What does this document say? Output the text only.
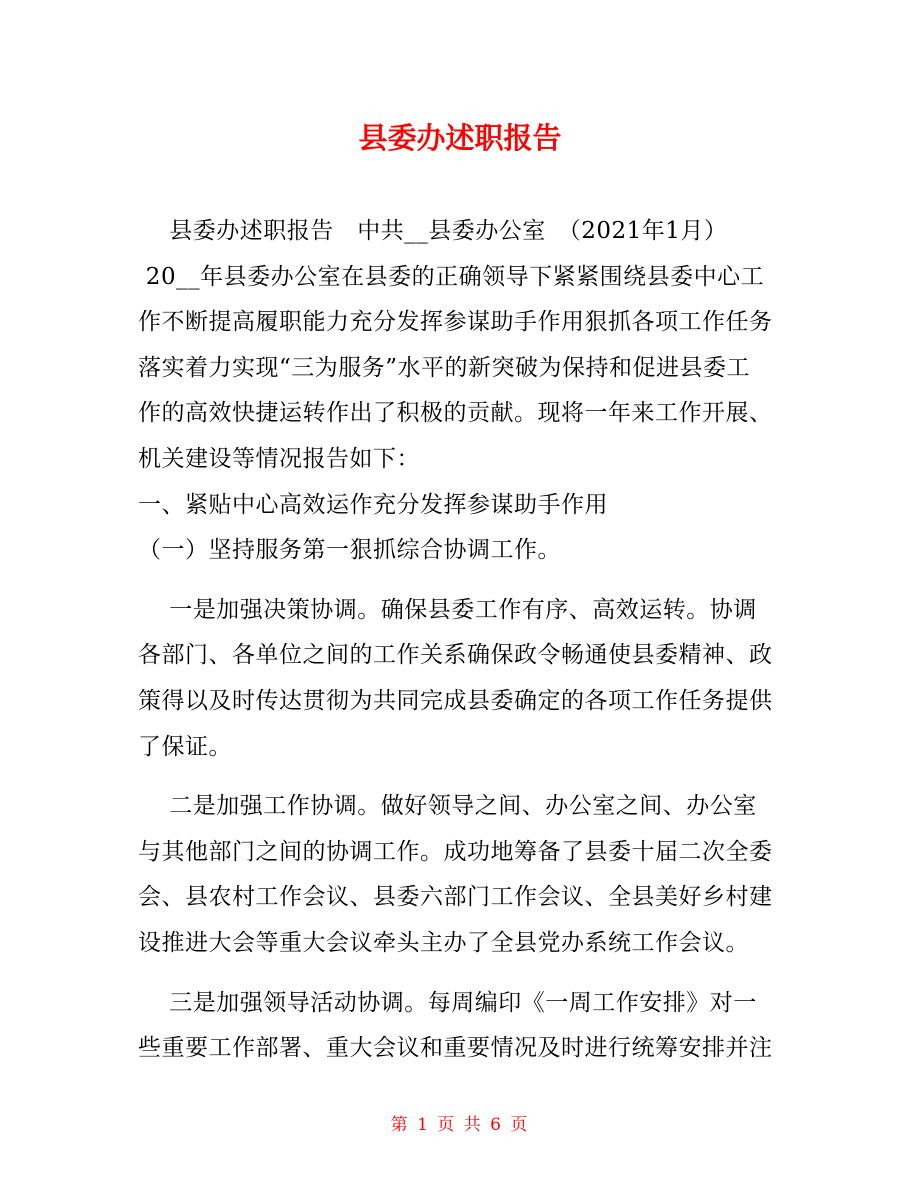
县委办述职报告
县委办述职报告　中共__县委办公室　（2021年1月）
20__年县委办公室在县委的正确领导下紧紧围绕县委中心工
作不断提高履职能力充分发挥参谋助手作用狠抓各项工作任务
落实着力实现“三为服务”水平的新突破为保持和促进县委工
作的高效快捷运转作出了积极的贡献。现将一年来工作开展、
机关建设等情况报告如下：
一、紧贴中心高效运作充分发挥参谋助手作用
（一）坚持服务第一狠抓综合协调工作。
一是加强决策协调。确保县委工作有序、高效运转。协调
各部门、各单位之间的工作关系确保政令畅通使县委精神、政
策得以及时传达贯彻为共同完成县委确定的各项工作任务提供
了保证。
二是加强工作协调。做好领导之间、办公室之间、办公室
与其他部门之间的协调工作。成功地筹备了县委十届二次全委
会、县农村工作会议、县委六部门工作会议、全县美好乡村建
设推进大会等重大会议牵头主办了全县党办系统工作会议。
三是加强领导活动协调。每周编印《一周工作安排》对一
些重要工作部署、重大会议和重要情况及时进行统筹安排并注
第 1 页 共 6 页
